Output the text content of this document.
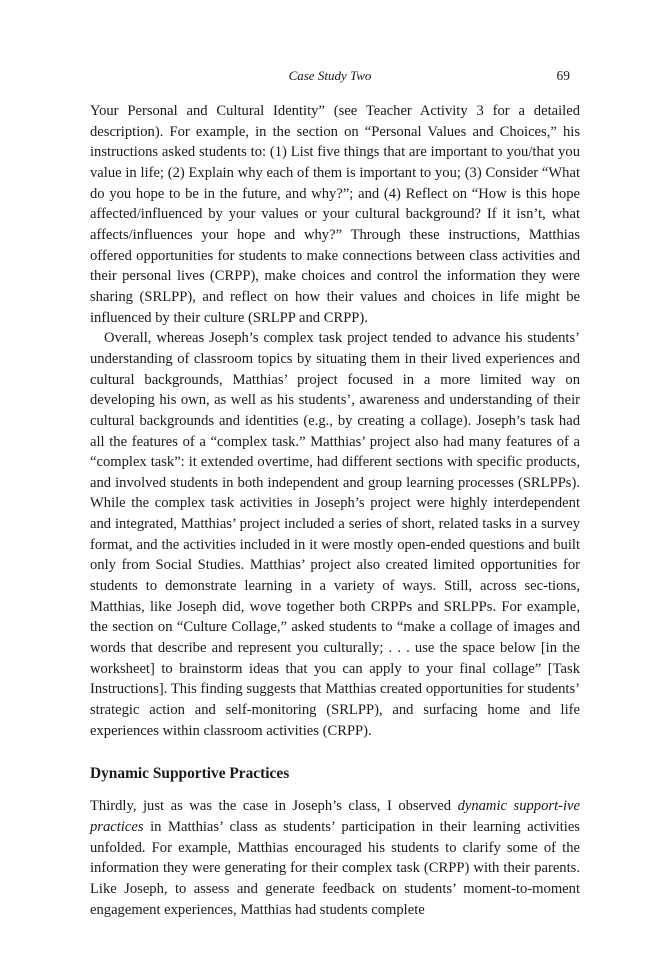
Case Study Two	69

Your Personal and Cultural Identity” (see Teacher Activity 3 for a detailed description). For example, in the section on “Personal Values and Choices,” his instructions asked students to: (1) List five things that are important to you/that you value in life; (2) Explain why each of them is important to you; (3) Consider “What do you hope to be in the future, and why?”; and (4) Reflect on “How is this hope affected/influenced by your values or your cultural background? If it isn’t, what affects/influences your hope and why?” Through these instructions, Matthias offered opportunities for students to make connections between class activities and their personal lives (CRPP), make choices and control the information they were sharing (SRLPP), and reflect on how their values and choices in life might be influenced by their culture (SRLPP and CRPP).

Overall, whereas Joseph’s complex task project tended to advance his students’ understanding of classroom topics by situating them in their lived experiences and cultural backgrounds, Matthias’ project focused in a more limited way on developing his own, as well as his students’, awareness and understanding of their cultural backgrounds and identities (e.g., by creating a collage). Joseph’s task had all the features of a “complex task.” Matthias’ project also had many features of a “complex task”: it extended overtime, had different sections with specific products, and involved students in both independent and group learning processes (SRLPPs). While the complex task activities in Joseph’s project were highly interdependent and integrated, Matthias’ project included a series of short, related tasks in a survey format, and the activities included in it were mostly open-ended questions and built only from Social Studies. Matthias’ project also created limited opportunities for students to demonstrate learning in a variety of ways. Still, across sec-tions, Matthias, like Joseph did, wove together both CRPPs and SRLPPs. For example, the section on “Culture Collage,” asked students to “make a collage of images and words that describe and represent you culturally; . . . use the space below [in the worksheet] to brainstorm ideas that you can apply to your final collage” [Task Instructions]. This finding suggests that Matthias created opportunities for students’ strategic action and self-monitoring (SRLPP), and surfacing home and life experiences within classroom activities (CRPP).

Dynamic Supportive Practices

Thirdly, just as was the case in Joseph’s class, I observed dynamic support-ive practices in Matthias’ class as students’ participation in their learning activities unfolded. For example, Matthias encouraged his students to clarify some of the information they were generating for their complex task (CRPP) with their parents. Like Joseph, to assess and generate feedback on students’ moment-to-moment engagement experiences, Matthias had students complete
